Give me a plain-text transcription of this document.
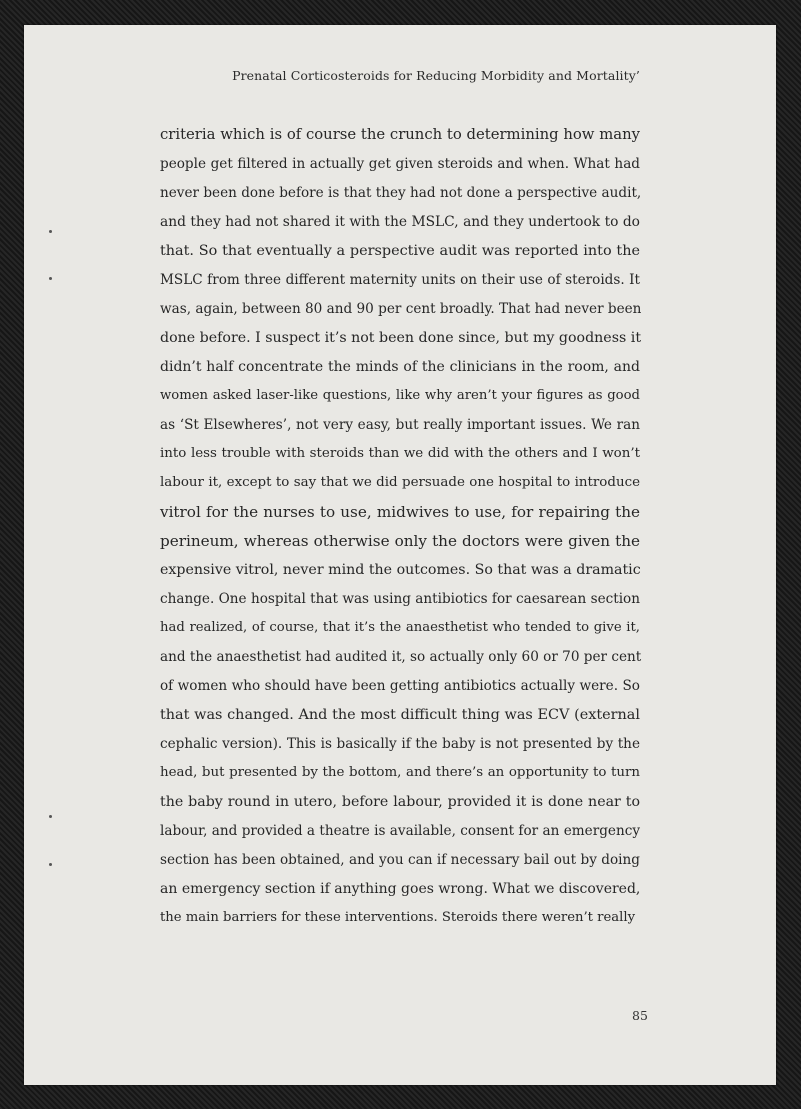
Prenatal Corticosteroids for Reducing Morbidity and Mortality’
criteria which is of course the crunch to determining how many
people get filtered in actually get given steroids and when. What had
never been done before is that they had not done a perspective audit,
and they had not shared it with the MSLC, and they undertook to do
that. So that eventually a perspective audit was reported into the
MSLC from three different maternity units on their use of steroids. It
was, again, between 80 and 90 per cent broadly. That had never been
done before. I suspect it’s not been done since, but my goodness it
didn’t half concentrate the minds of the clinicians in the room, and
women asked laser-like questions, like why aren’t your figures as good
as ‘St Elsewheres’, not very easy, but really important issues. We ran
into less trouble with steroids than we did with the others and I won’t
labour it, except to say that we did persuade one hospital to introduce
vitrol for the nurses to use, midwives to use, for repairing the
perineum, whereas otherwise only the doctors were given the
expensive vitrol, never mind the outcomes. So that was a dramatic
change. One hospital that was using antibiotics for caesarean section
had realized, of course, that it’s the anaesthetist who tended to give it,
and the anaesthetist had audited it, so actually only 60 or 70 per cent
of women who should have been getting antibiotics actually were. So
that was changed. And the most difficult thing was ECV (external
cephalic version). This is basically if the baby is not presented by the
head, but presented by the bottom, and there’s an opportunity to turn
the baby round in utero, before labour, provided it is done near to
labour, and provided a theatre is available, consent for an emergency
section has been obtained, and you can if necessary bail out by doing
an emergency section if anything goes wrong. What we discovered,
the main barriers for these interventions. Steroids there weren’t really
85
